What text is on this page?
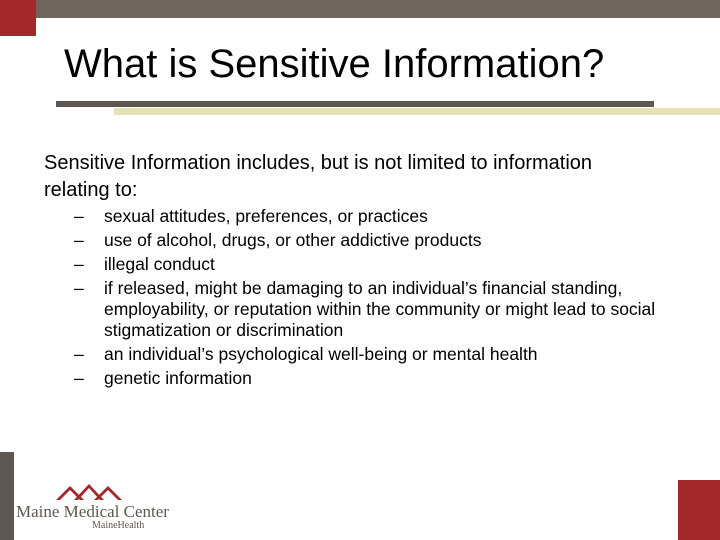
What is Sensitive Information?

Sensitive Information includes, but is not limited to information relating to:

– sexual attitudes, preferences, or practices
– use of alcohol, drugs, or other addictive products
– illegal conduct
– if released, might be damaging to an individual’s financial standing, employability, or reputation within the community or might lead to social stigmatization or discrimination
– an individual’s psychological well-being or mental health
– genetic information
Maine Medical Center
MaineHealth
